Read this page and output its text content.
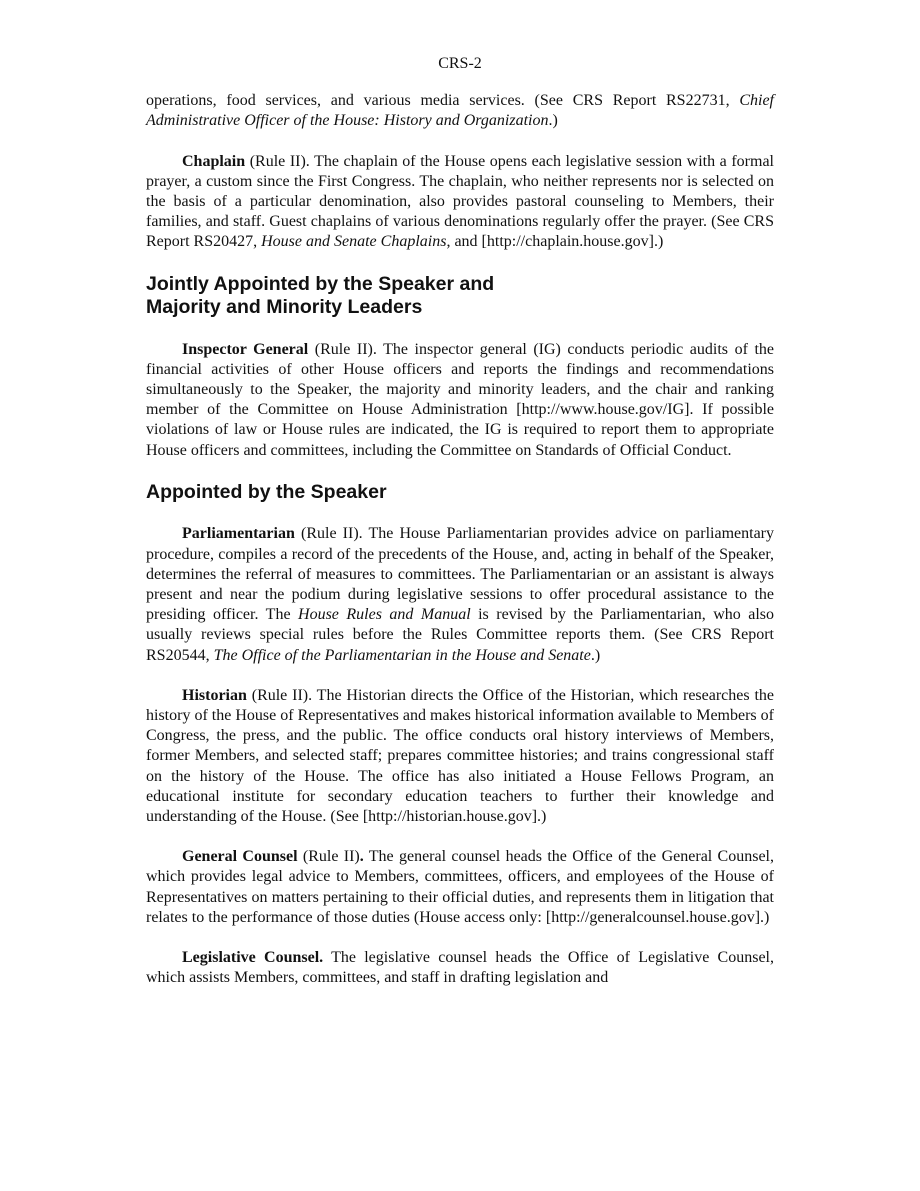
CRS-2

operations, food services, and various media services. (See CRS Report RS22731, Chief Administrative Officer of the House: History and Organization.)

Chaplain (Rule II). The chaplain of the House opens each legislative session with a formal prayer, a custom since the First Congress. The chaplain, who neither represents nor is selected on the basis of a particular denomination, also provides pastoral counseling to Members, their families, and staff. Guest chaplains of various denominations regularly offer the prayer. (See CRS Report RS20427, House and Senate Chaplains, and [http://chaplain.house.gov].)

Jointly Appointed by the Speaker and
Majority and Minority Leaders

Inspector General (Rule II). The inspector general (IG) conducts periodic audits of the financial activities of other House officers and reports the findings and recommendations simultaneously to the Speaker, the majority and minority leaders, and the chair and ranking member of the Committee on House Administration [http://www.house.gov/IG]. If possible violations of law or House rules are indicated, the IG is required to report them to appropriate House officers and committees, including the Committee on Standards of Official Conduct.

Appointed by the Speaker

Parliamentarian (Rule II). The House Parliamentarian provides advice on parliamentary procedure, compiles a record of the precedents of the House, and, acting in behalf of the Speaker, determines the referral of measures to committees. The Parliamentarian or an assistant is always present and near the podium during legislative sessions to offer procedural assistance to the presiding officer. The House Rules and Manual is revised by the Parliamentarian, who also usually reviews special rules before the Rules Committee reports them. (See CRS Report RS20544, The Office of the Parliamentarian in the House and Senate.)

Historian (Rule II). The Historian directs the Office of the Historian, which researches the history of the House of Representatives and makes historical information available to Members of Congress, the press, and the public. The office conducts oral history interviews of Members, former Members, and selected staff; prepares committee histories; and trains congressional staff on the history of the House. The office has also initiated a House Fellows Program, an educational institute for secondary education teachers to further their knowledge and understanding of the House. (See [http://historian.house.gov].)

General Counsel (Rule II). The general counsel heads the Office of the General Counsel, which provides legal advice to Members, committees, officers, and employees of the House of Representatives on matters pertaining to their official duties, and represents them in litigation that relates to the performance of those duties (House access only: [http://generalcounsel.house.gov].)

Legislative Counsel. The legislative counsel heads the Office of Legislative Counsel, which assists Members, committees, and staff in drafting legislation and
